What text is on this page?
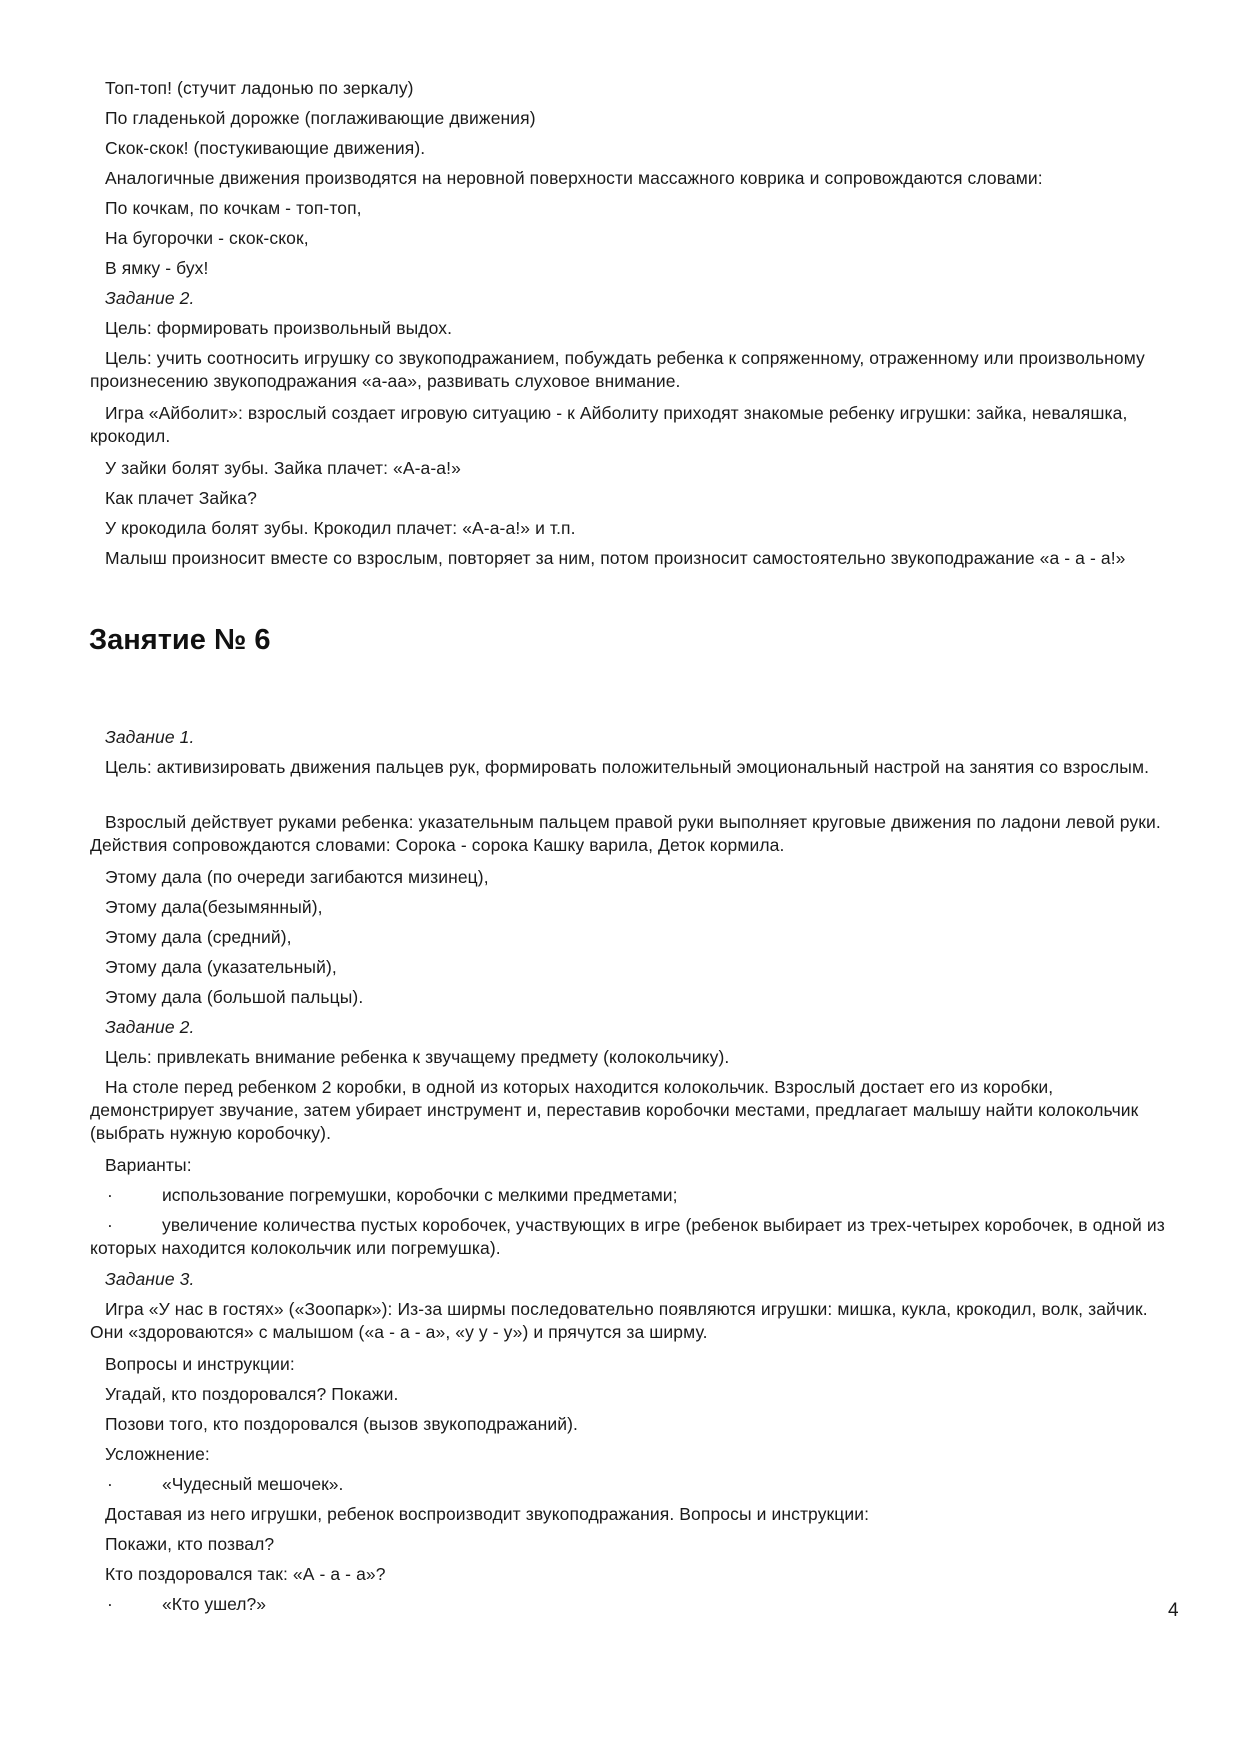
Топ-топ! (стучит ладонью по зеркалу)
По гладенькой дорожке (поглаживающие движения)
Скок-скок! (постукивающие движения).
Аналогичные движения производятся на неровной поверхности массажного коврика и сопровождаются словами:
По кочкам, по кочкам - топ-топ,
На бугорочки - скок-скок,
В ямку - бух!
Задание 2.
Цель: формировать произвольный выдох.
Цель: учить соотносить игрушку со звукоподражанием, побуждать ребенка к сопряженному, отраженному или произвольному произнесению звукоподражания «а-аа», развивать слуховое внимание.
Игра «Айболит»: взрослый создает игровую ситуацию - к Айболиту приходят знакомые ребенку игрушки: зайка, неваляшка, крокодил.
У зайки болят зубы. Зайка плачет: «А-а-а!»
Как плачет Зайка?
У крокодила болят зубы. Крокодил плачет: «А-а-а!» и т.п.
Малыш произносит вместе со взрослым, повторяет за ним, потом произносит самостоятельно звукоподражание «а - а - а!»
Занятие № 6
Задание 1.
Цель: активизировать движения пальцев рук, формировать положительный эмоциональный настрой на занятия со взрослым.
Взрослый действует руками ребенка: указательным пальцем правой руки выполняет круговые движения по ладони левой руки. Действия сопровождаются словами: Сорока - сорока Кашку варила, Деток кормила.
Этому дала (по очереди загибаются мизинец),
Этому дала(безымянный),
Этому дала (средний),
Этому дала (указательный),
Этому дала (большой пальцы).
Задание 2.
Цель: привлекать внимание ребенка к звучащему предмету (колокольчику).
На столе перед ребенком 2 коробки, в одной из которых находится колокольчик. Взрослый достает его из коробки, демонстрирует звучание, затем убирает инструмент и, переставив коробочки местами, предлагает малышу найти колокольчик (выбрать нужную коробочку).
Варианты:
·	использование погремушки, коробочки с мелкими предметами;
·	увеличение количества пустых коробочек, участвующих в игре (ребенок выбирает из трех-четырех коробочек, в одной из которых находится колокольчик или погремушка).
Задание 3.
Игра «У нас в гостях» («Зоопарк»): Из-за ширмы последовательно появляются игрушки: мишка, кукла, крокодил, волк, зайчик. Они «здороваются» с малышом («а - а - а», «у у - у») и прячутся за ширму.
Вопросы и инструкции:
Угадай, кто поздоровался? Покажи.
Позови того, кто поздоровался (вызов звукоподражаний).
Усложнение:
·	«Чудесный мешочек».
Доставая из него игрушки, ребенок воспроизводит звукоподражания. Вопросы и инструкции:
Покажи, кто позвал?
Кто поздоровался так: «А - а - а»?
·	«Кто ушел?»	4
